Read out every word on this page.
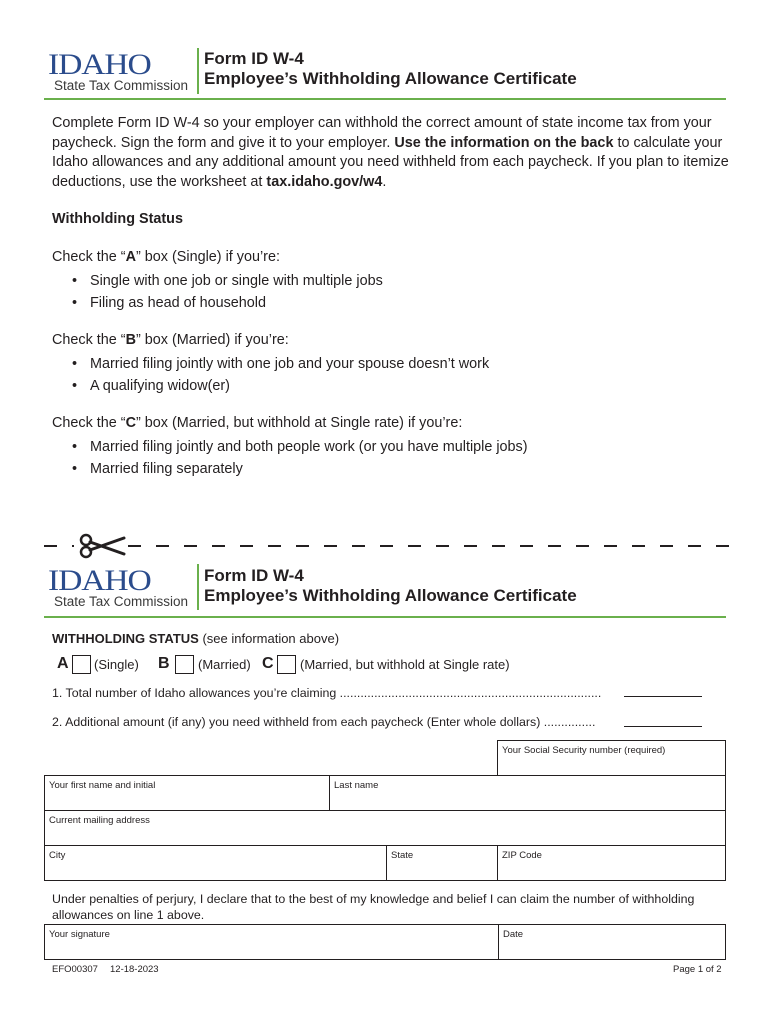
IDAHO
State Tax Commission
Form ID W-4
Employee’s Withholding Allowance Certificate
Complete Form ID W-4 so your employer can withhold the correct amount of state income tax from your paycheck. Sign the form and give it to your employer. Use the information on the back to calculate your Idaho allowances and any additional amount you need withheld from each paycheck. If you plan to itemize deductions, use the worksheet at tax.idaho.gov/w4.
Withholding Status
Check the “A” box (Single) if you’re:
• Single with one job or single with multiple jobs
• Filing as head of household
Check the “B” box (Married) if you’re:
• Married filing jointly with one job and your spouse doesn’t work
• A qualifying widow(er)
Check the “C” box (Married, but withhold at Single rate) if you’re:
• Married filing jointly and both people work (or you have multiple jobs)
• Married filing separately
IDAHO
State Tax Commission
Form ID W-4
Employee’s Withholding Allowance Certificate
WITHHOLDING STATUS (see information above)
A (Single) B (Married) C (Married, but withhold at Single rate)
1. Total number of Idaho allowances you’re claiming ............................................................................
2. Additional amount (if any) you need withheld from each paycheck (Enter whole dollars) ...............
Your Social Security number (required)
Your first name and initial	Last name
Current mailing address
City	State	ZIP Code
Under penalties of perjury, I declare that to the best of my knowledge and belief I can claim the number of withholding allowances on line 1 above.
Your signature	Date
EFO00307 12-18-2023	Page 1 of 2
